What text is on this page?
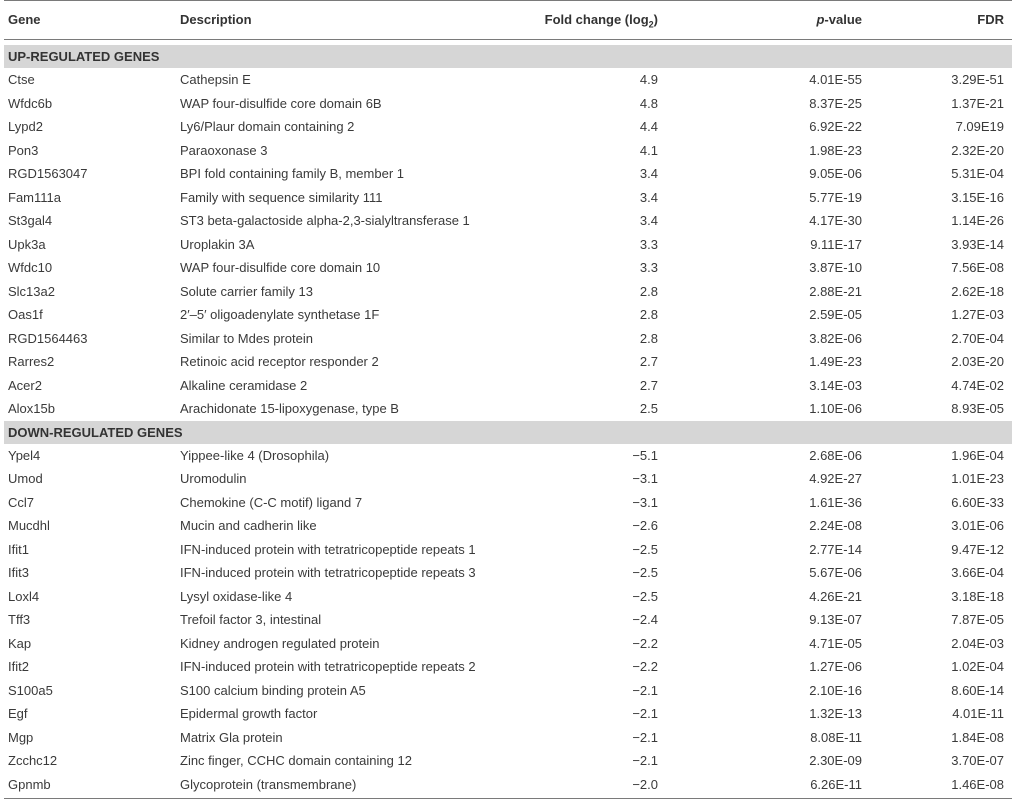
Gene	Description	Fold change $(\log_2)$	p-value	FDR
UP-REGULATED GENES
Ctse	Cathepsin E	4.9	4.01E-55	3.29E-51
Wfdc6b	WAP four-disulfide core domain 6B	4.8	8.37E-25	1.37E-21
Lypd2	Ly6/Plaur domain containing 2	4.4	6.92E-22	7.09E19
Pon3	Paraoxonase 3	4.1	1.98E-23	2.32E-20
RGD1563047	BPI fold containing family B, member 1	3.4	9.05E-06	5.31E-04
Fam111a	Family with sequence similarity 111	3.4	5.77E-19	3.15E-16
St3gal4	ST3 beta-galactoside alpha-2,3-sialyltransferase 1	3.4	4.17E-30	1.14E-26
Upk3a	Uroplakin 3A	3.3	9.11E-17	3.93E-14
Wfdc10	WAP four-disulfide core domain 10	3.3	3.87E-10	7.56E-08
Slc13a2	Solute carrier family 13	2.8	2.88E-21	2.62E-18
Oas1f	2′–5′ oligoadenylate synthetase 1F	2.8	2.59E-05	1.27E-03
RGD1564463	Similar to Mdes protein	2.8	3.82E-06	2.70E-04
Rarres2	Retinoic acid receptor responder 2	2.7	1.49E-23	2.03E-20
Acer2	Alkaline ceramidase 2	2.7	3.14E-03	4.74E-02
Alox15b	Arachidonate 15-lipoxygenase, type B	2.5	1.10E-06	8.93E-05
DOWN-REGULATED GENES
Ypel4	Yippee-like 4 (Drosophila)	−5.1	2.68E-06	1.96E-04
Umod	Uromodulin	−3.1	4.92E-27	1.01E-23
Ccl7	Chemokine (C-C motif) ligand 7	−3.1	1.61E-36	6.60E-33
Mucdhl	Mucin and cadherin like	−2.6	2.24E-08	3.01E-06
Ifit1	IFN-induced protein with tetratricopeptide repeats 1	−2.5	2.77E-14	9.47E-12
Ifit3	IFN-induced protein with tetratricopeptide repeats 3	−2.5	5.67E-06	3.66E-04
Loxl4	Lysyl oxidase-like 4	−2.5	4.26E-21	3.18E-18
Tff3	Trefoil factor 3, intestinal	−2.4	9.13E-07	7.87E-05
Kap	Kidney androgen regulated protein	−2.2	4.71E-05	2.04E-03
Ifit2	IFN-induced protein with tetratricopeptide repeats 2	−2.2	1.27E-06	1.02E-04
S100a5	S100 calcium binding protein A5	−2.1	2.10E-16	8.60E-14
Egf	Epidermal growth factor	−2.1	1.32E-13	4.01E-11
Mgp	Matrix Gla protein	−2.1	8.08E-11	1.84E-08
Zcchc12	Zinc finger, CCHC domain containing 12	−2.1	2.30E-09	3.70E-07
Gpnmb	Glycoprotein (transmembrane)	−2.0	6.26E-11	1.46E-08
